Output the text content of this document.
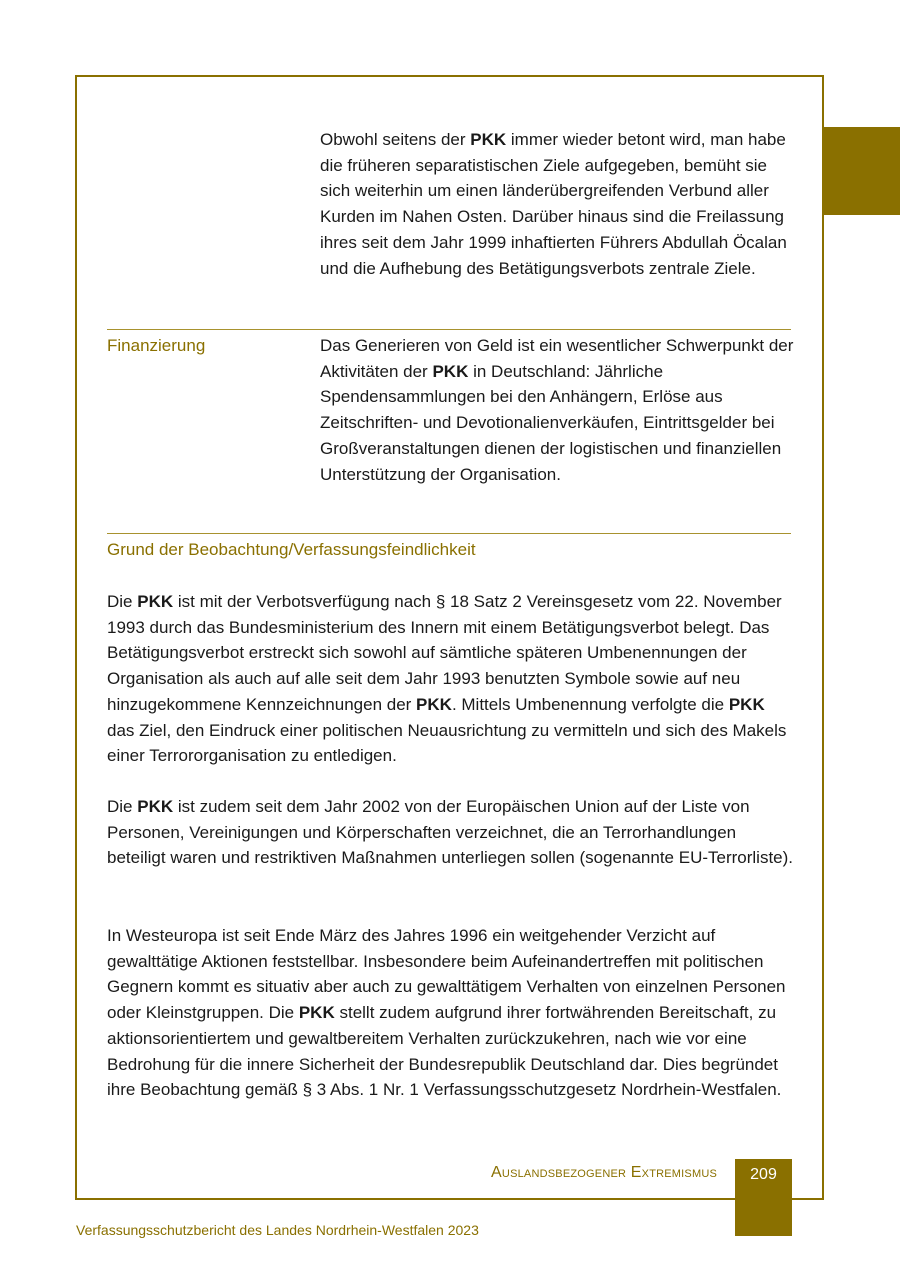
Obwohl seitens der PKK immer wieder betont wird, man habe die früheren separatistischen Ziele aufgegeben, bemüht sie sich weiterhin um einen länderübergreifenden Verbund aller Kurden im Nahen Osten. Darüber hinaus sind die Freilassung ihres seit dem Jahr 1999 inhaftierten Führers Abdullah Öcalan und die Aufhebung des Betätigungsverbots zentrale Ziele.

Finanzierung	Das Generieren von Geld ist ein wesentlicher Schwerpunkt der Aktivitäten der PKK in Deutschland: Jährliche Spendensammlungen bei den Anhängern, Erlöse aus Zeitschriften- und Devotionalienverkäufen, Eintrittsgelder bei Großveranstaltungen dienen der logistischen und finanziellen Unterstützung der Organisation.

Grund der Beobachtung/Verfassungsfeindlichkeit

Die PKK ist mit der Verbotsverfügung nach § 18 Satz 2 Vereinsgesetz vom 22. November 1993 durch das Bundesministerium des Innern mit einem Betätigungsverbot belegt. Das Betätigungsverbot erstreckt sich sowohl auf sämtliche späteren Umbenennungen der Organisation als auch auf alle seit dem Jahr 1993 benutzten Symbole sowie auf neu hinzugekommene Kennzeichnungen der PKK. Mittels Umbenennung verfolgte die PKK das Ziel, den Eindruck einer politischen Neuausrichtung zu vermitteln und sich des Makels einer Terrororganisation zu entledigen.

Die PKK ist zudem seit dem Jahr 2002 von der Europäischen Union auf der Liste von Personen, Vereinigungen und Körperschaften verzeichnet, die an Terrorhandlungen beteiligt waren und restriktiven Maßnahmen unterliegen sollen (sogenannte EU-Terrorliste).

In Westeuropa ist seit Ende März des Jahres 1996 ein weitgehender Verzicht auf gewalttätige Aktionen feststellbar. Insbesondere beim Aufeinandertreffen mit politischen Gegnern kommt es situativ aber auch zu gewalttätigem Verhalten von einzelnen Personen oder Kleinstgruppen. Die PKK stellt zudem aufgrund ihrer fortwährenden Bereitschaft, zu aktionsorientiertem und gewaltbereitem Verhalten zurückzukehren, nach wie vor eine Bedrohung für die innere Sicherheit der Bundesrepublik Deutschland dar. Dies begründet ihre Beobachtung gemäß § 3 Abs. 1 Nr. 1 Verfassungsschutzgesetz Nordrhein-Westfalen.

Auslandsbezogener Extremismus	209
Verfassungsschutzbericht des Landes Nordrhein-Westfalen 2023
